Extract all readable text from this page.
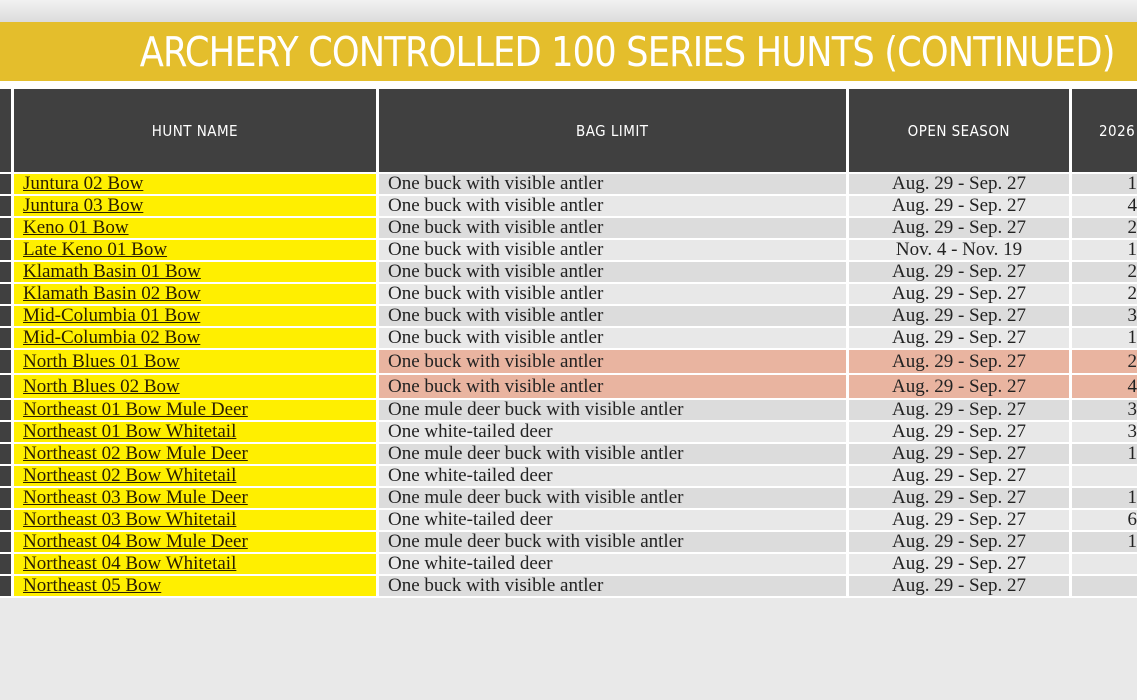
ARCHERY CONTROLLED 100 SERIES HUNTS (CONTINUED)
	HUNT NAME	BAG LIMIT	OPEN SEASON	2026
	Juntura 02 Bow	One buck with visible antler	Aug. 29 - Sep. 27	1
	Juntura 03 Bow	One buck with visible antler	Aug. 29 - Sep. 27	4
	Keno 01 Bow	One buck with visible antler	Aug. 29 - Sep. 27	2
	Late Keno 01 Bow	One buck with visible antler	Nov. 4 - Nov. 19	1
	Klamath Basin 01 Bow	One buck with visible antler	Aug. 29 - Sep. 27	2
	Klamath Basin 02 Bow	One buck with visible antler	Aug. 29 - Sep. 27	2
	Mid-Columbia 01 Bow	One buck with visible antler	Aug. 29 - Sep. 27	3
	Mid-Columbia 02 Bow	One buck with visible antler	Aug. 29 - Sep. 27	1
	North Blues 01 Bow	One buck with visible antler	Aug. 29 - Sep. 27	2
	North Blues 02 Bow	One buck with visible antler	Aug. 29 - Sep. 27	4
	Northeast 01 Bow Mule Deer	One mule deer buck with visible antler	Aug. 29 - Sep. 27	3
	Northeast 01 Bow Whitetail	One white-tailed deer	Aug. 29 - Sep. 27	3
	Northeast 02 Bow Mule Deer	One mule deer buck with visible antler	Aug. 29 - Sep. 27	1
	Northeast 02 Bow Whitetail	One white-tailed deer	Aug. 29 - Sep. 27	
	Northeast 03 Bow Mule Deer	One mule deer buck with visible antler	Aug. 29 - Sep. 27	1
	Northeast 03 Bow Whitetail	One white-tailed deer	Aug. 29 - Sep. 27	6
	Northeast 04 Bow Mule Deer	One mule deer buck with visible antler	Aug. 29 - Sep. 27	1
	Northeast 04 Bow Whitetail	One white-tailed deer	Aug. 29 - Sep. 27	
	Northeast 05 Bow	One buck with visible antler	Aug. 29 - Sep. 27	
